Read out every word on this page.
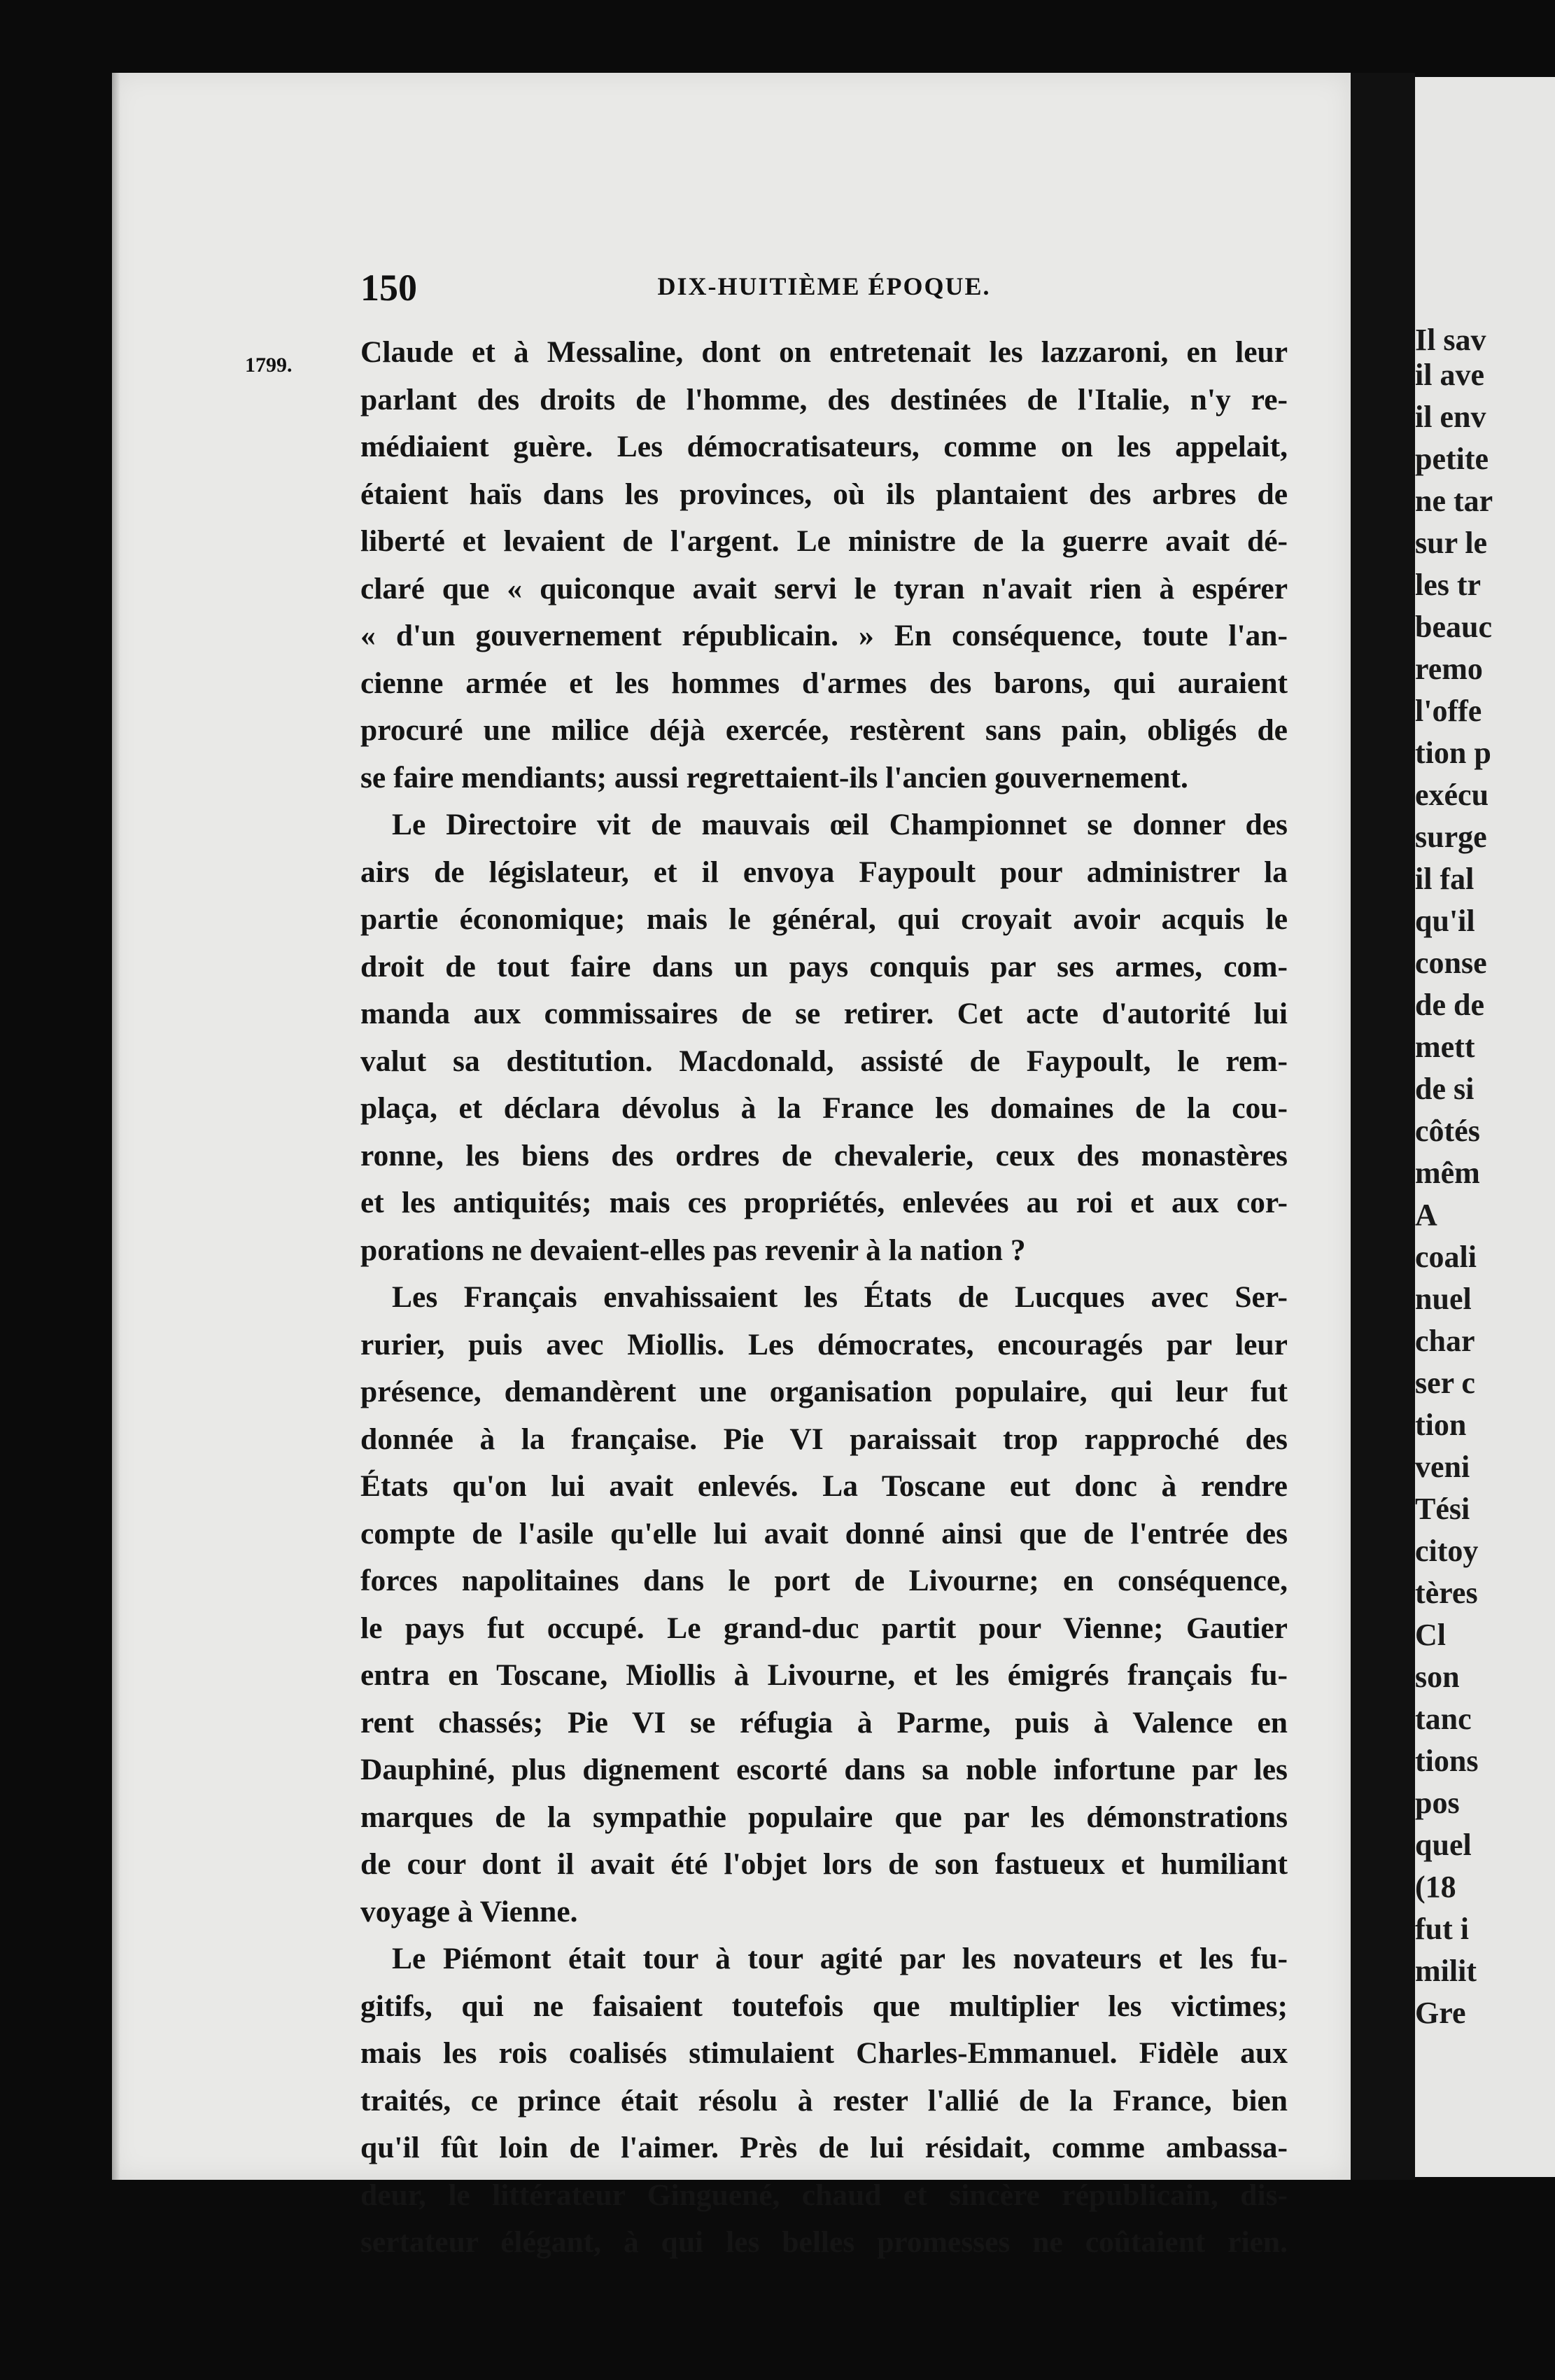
150	DIX-HUITIÈME ÉPOQUE.
1799. Claude et à Messaline, dont on entretenait les lazzaroni, en leur
parlant des droits de l'homme, des destinées de l'Italie, n'y re-
médiaient guère. Les démocratisateurs, comme on les appelait,
étaient haïs dans les provinces, où ils plantaient des arbres de
liberté et levaient de l'argent. Le ministre de la guerre avait dé-
claré que « quiconque avait servi le tyran n'avait rien à espérer
« d'un gouvernement républicain. » En conséquence, toute l'an-
cienne armée et les hommes d'armes des barons, qui auraient
procuré une milice déjà exercée, restèrent sans pain, obligés de
se faire mendiants; aussi regrettaient-ils l'ancien gouvernement.
Le Directoire vit de mauvais œil Championnet se donner des
airs de législateur, et il envoya Faypoult pour administrer la
partie économique; mais le général, qui croyait avoir acquis le
droit de tout faire dans un pays conquis par ses armes, com-
manda aux commissaires de se retirer. Cet acte d'autorité lui
valut sa destitution. Macdonald, assisté de Faypoult, le rem-
plaça, et déclara dévolus à la France les domaines de la cou-
ronne, les biens des ordres de chevalerie, ceux des monastères
et les antiquités; mais ces propriétés, enlevées au roi et aux cor-
porations ne devaient-elles pas revenir à la nation ?
Les Français envahissaient les États de Lucques avec Ser-
rurier, puis avec Miollis. Les démocrates, encouragés par leur
présence, demandèrent une organisation populaire, qui leur fut
donnée à la française. Pie VI paraissait trop rapproché des
États qu'on lui avait enlevés. La Toscane eut donc à rendre
compte de l'asile qu'elle lui avait donné ainsi que de l'entrée des
forces napolitaines dans le port de Livourne; en conséquence,
le pays fut occupé. Le grand-duc partit pour Vienne; Gautier
entra en Toscane, Miollis à Livourne, et les émigrés français fu-
rent chassés; Pie VI se réfugia à Parme, puis à Valence en
Dauphiné, plus dignement escorté dans sa noble infortune par les
marques de la sympathie populaire que par les démonstrations
de cour dont il avait été l'objet lors de son fastueux et humiliant
voyage à Vienne.
Le Piémont était tour à tour agité par les novateurs et les fu-
gitifs, qui ne faisaient toutefois que multiplier les victimes;
mais les rois coalisés stimulaient Charles-Emmanuel. Fidèle aux
traités, ce prince était résolu à rester l'allié de la France, bien
qu'il fût loin de l'aimer. Près de lui résidait, comme ambassa-
deur, le littérateur Ginguené, chaud et sincère républicain, dis-
sertateur élégant, à qui les belles promesses ne coûtaient rien.
Il sav
il ave
il env
petite
ne tar
sur le
les tr
beauc
remo
l'offe
tion p
exécu
surge
il fal
qu'il
conse
de de
mett
de si
côtés
mêm
A
coali
nuel
char
ser c
tion
veni
Tési
citoy
tères
Cl
son
tanc
tions
pos
quel
(18
fut i
milit
Gre
